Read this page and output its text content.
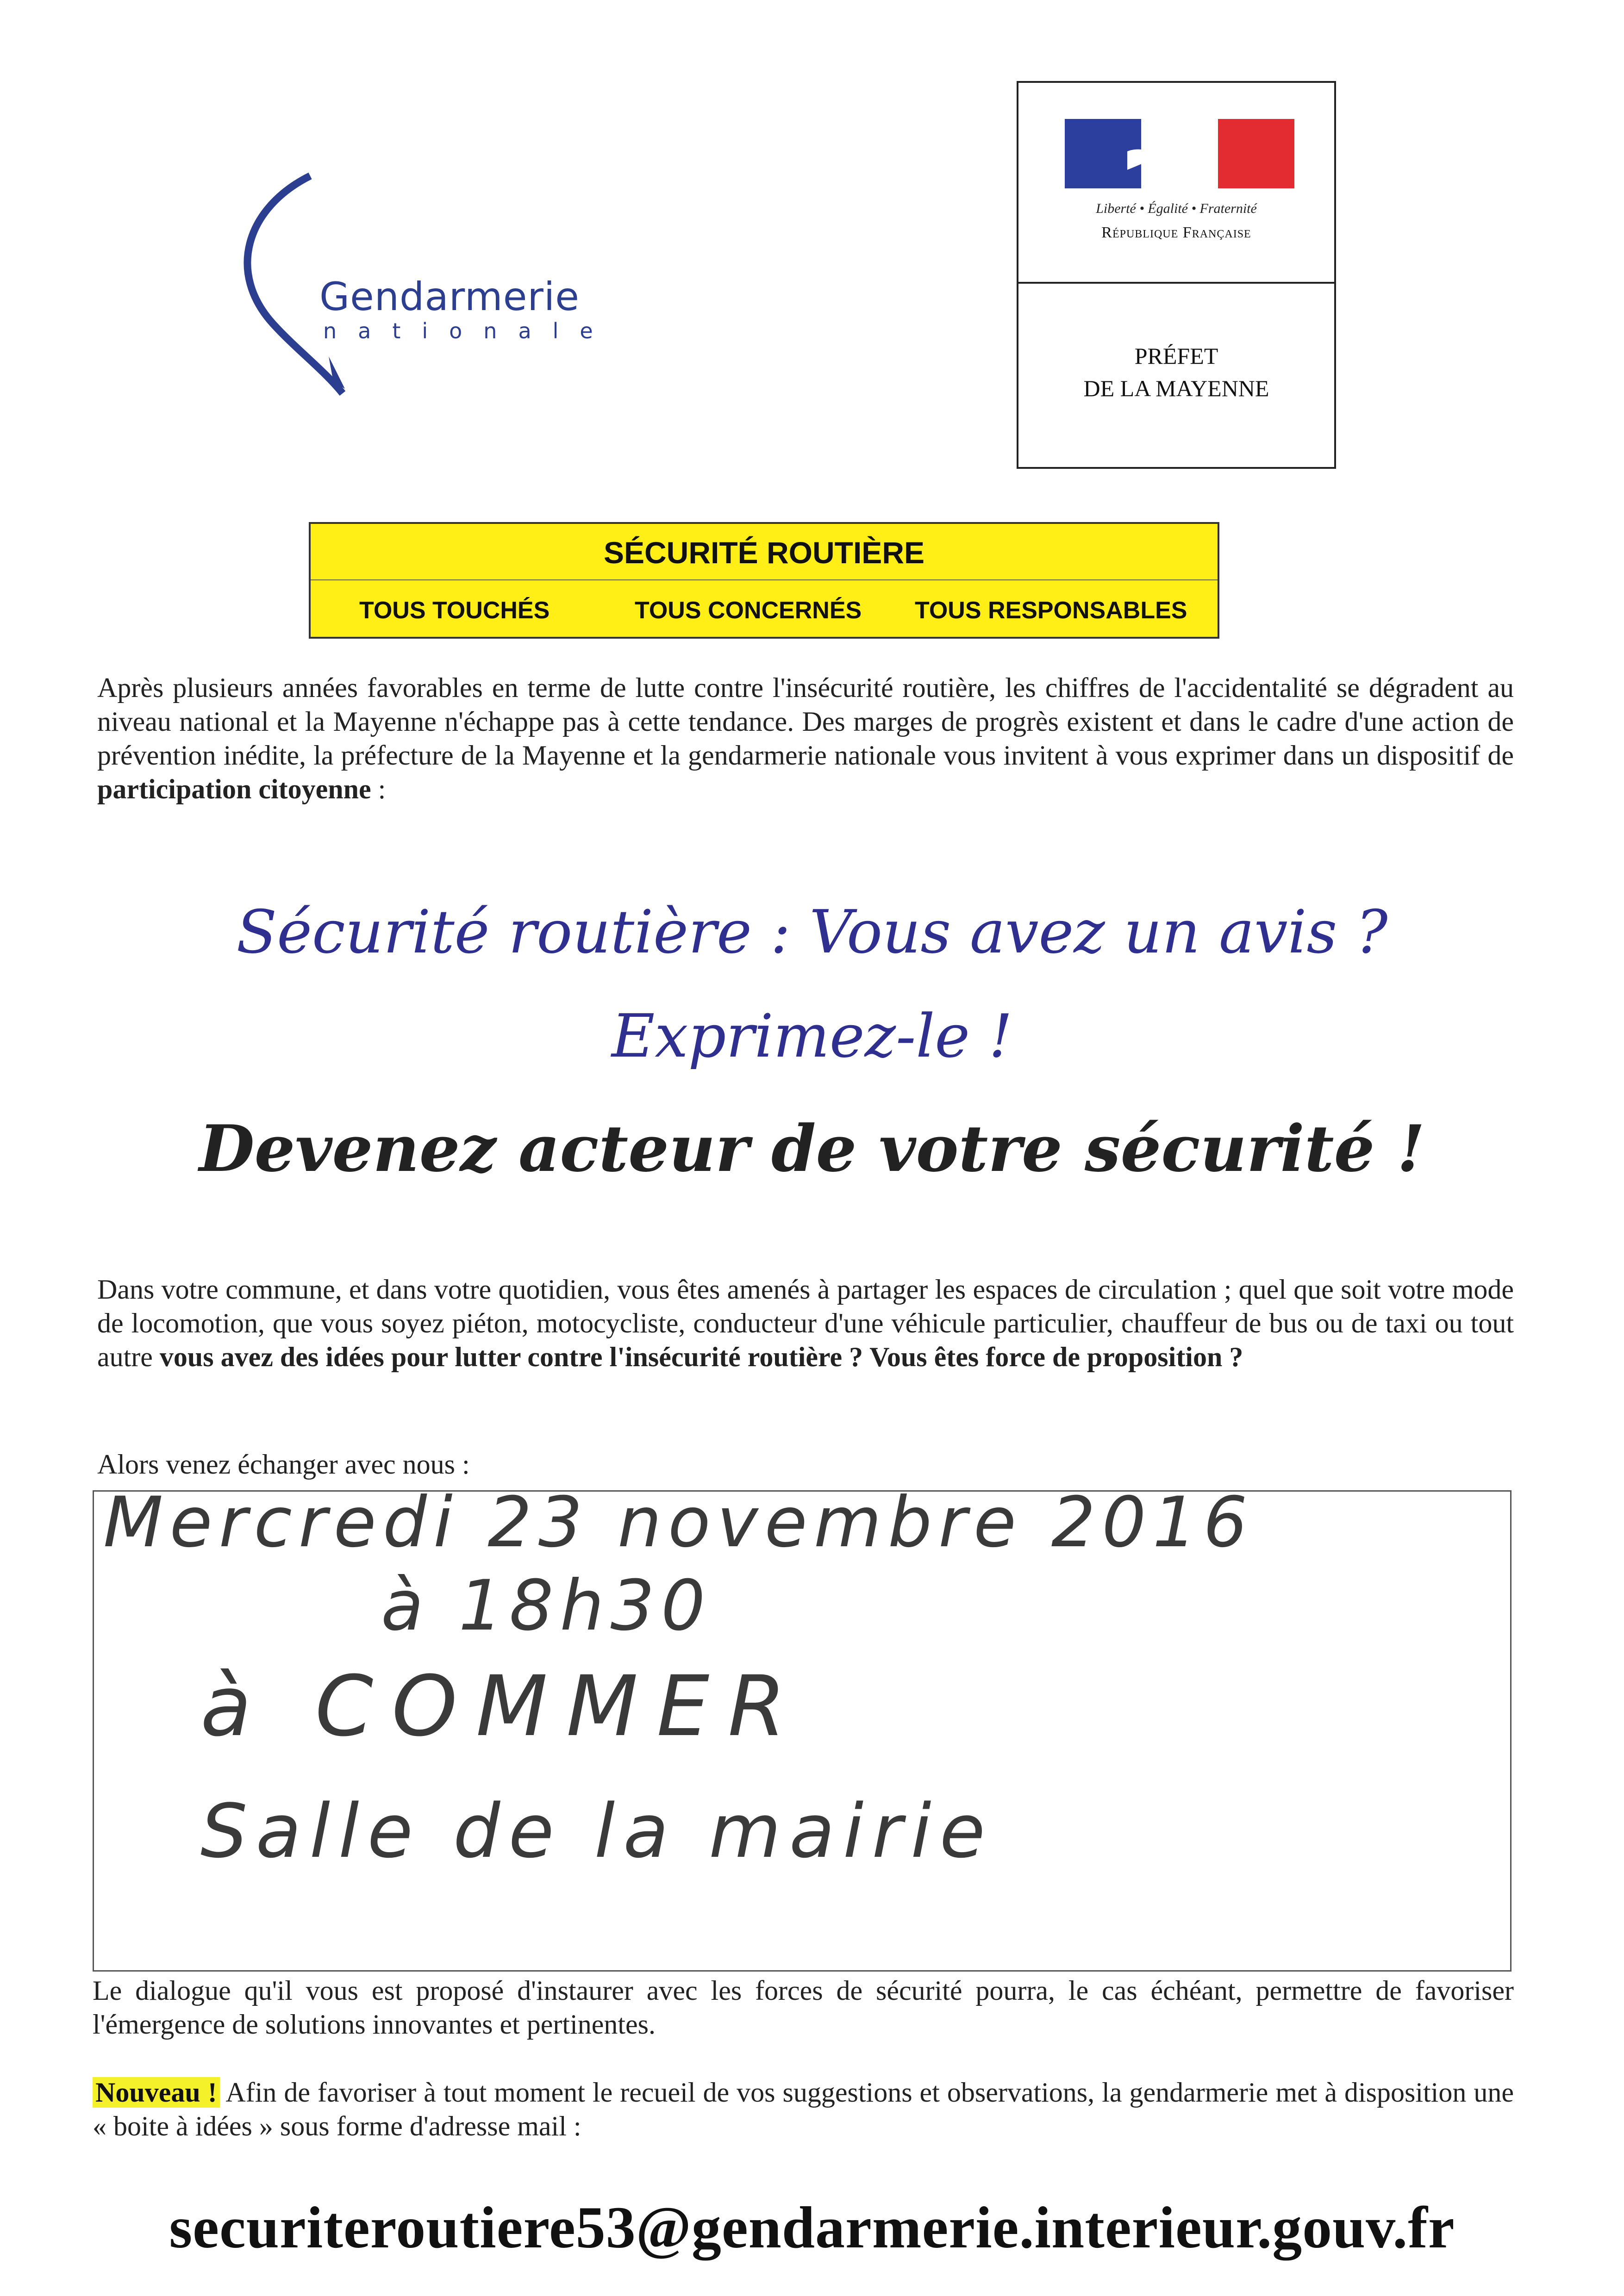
Gendarmerie
nationale
Liberté • Égalité • Fraternité
République Française
PRÉFET
DE LA MAYENNE
SÉCURITÉ ROUTIÈRE
TOUS TOUCHÉS	TOUS CONCERNÉS TOUS RESPONSABLES
Après plusieurs années favorables en terme de lutte contre l'insécurité routière, les chiffres de l'accidentalité se dégradent au niveau national et la Mayenne n'échappe pas à cette tendance. Des marges de progrès existent et dans le cadre d'une action de prévention inédite, la préfecture de la Mayenne et la gendarmerie nationale vous invitent à vous exprimer dans un dispositif de participation citoyenne :
Sécurité routière : Vous avez un avis ?
Exprimez-le !
Devenez acteur de votre sécurité !
Dans votre commune, et dans votre quotidien, vous êtes amenés à partager les espaces de circulation ; quel que soit votre mode de locomotion, que vous soyez piéton, motocycliste, conducteur d'une véhicule particulier, chauffeur de bus ou de taxi ou tout autre vous avez des idées pour lutter contre l'insécurité routière ? Vous êtes force de proposition ?
Alors venez échanger avec nous :
Mercredi 23 novembre 2016
à 18h30
à COMMER
Salle de la mairie
Le dialogue qu'il vous est proposé d'instaurer avec les forces de sécurité pourra, le cas échéant, permettre de favoriser l'émergence de solutions innovantes et pertinentes.
Nouveau ! Afin de favoriser à tout moment le recueil de vos suggestions et observations, la gendarmerie met à disposition une « boite à idées » sous forme d'adresse mail :
securiteroutiere53@gendarmerie.interieur.gouv.fr
